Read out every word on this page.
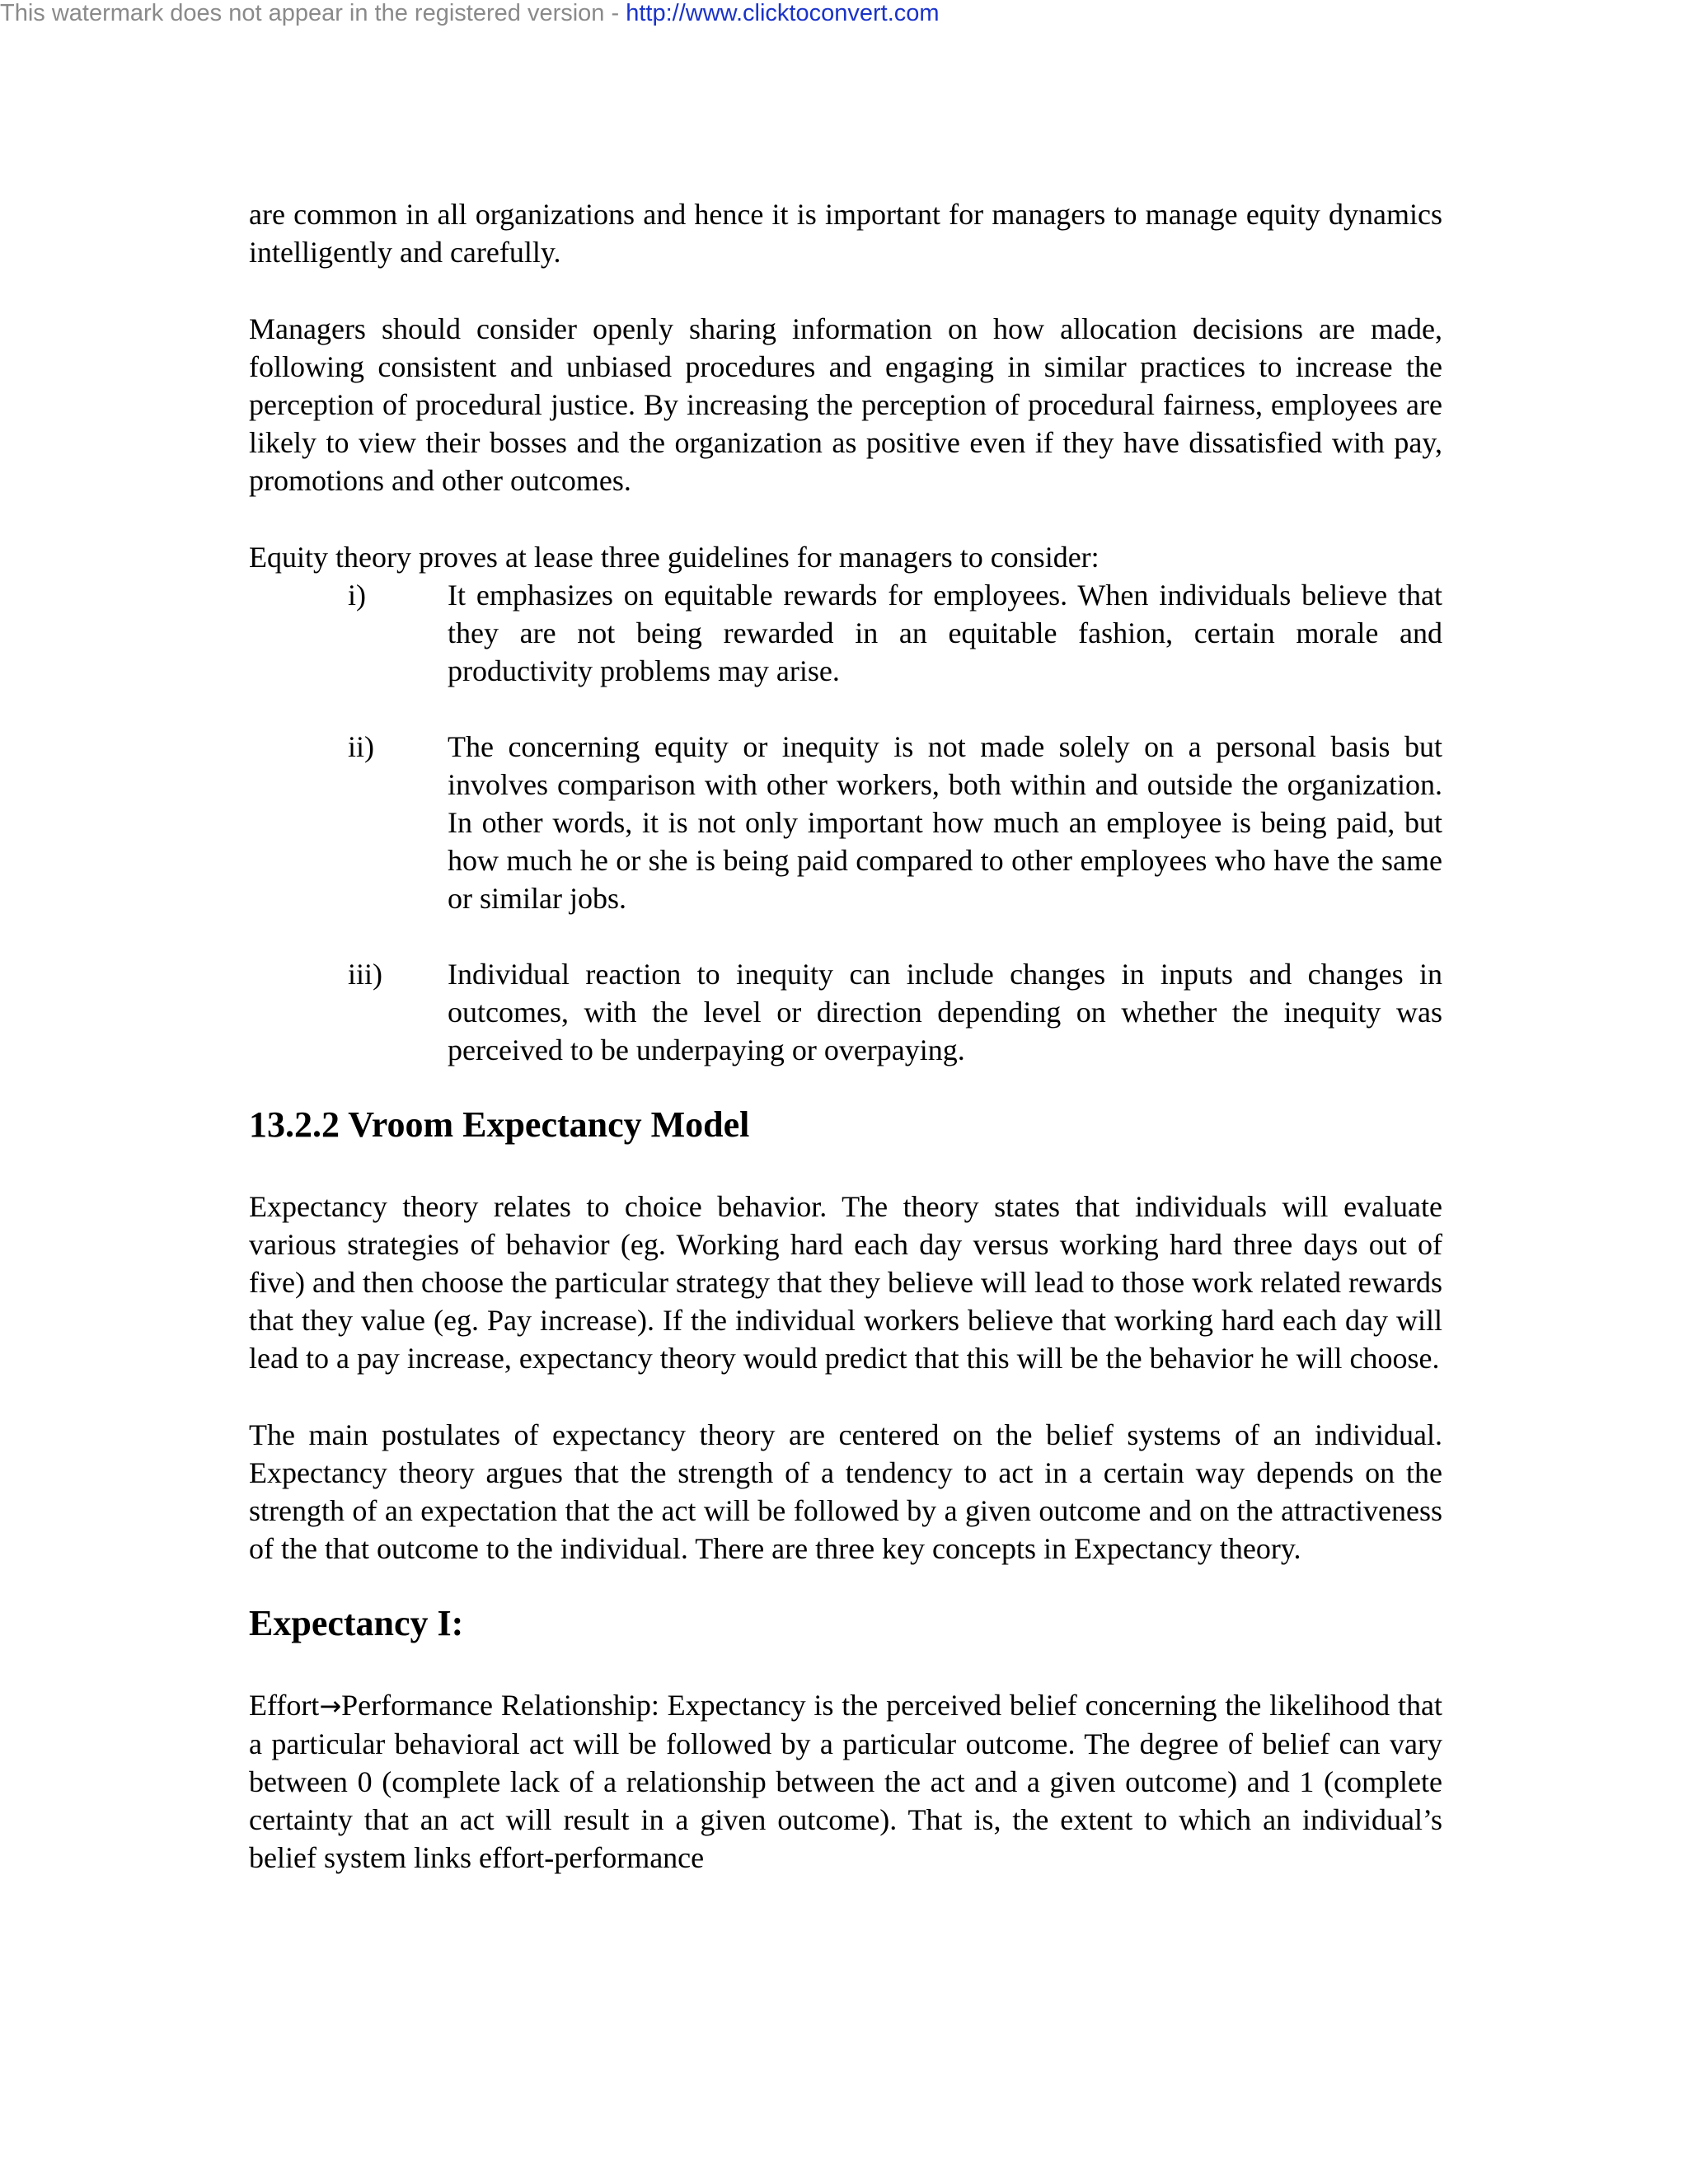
This watermark does not appear in the registered version - http://www.clicktoconvert.com

are common in all organizations and hence it is important for managers to manage equity dynamics intelligently and carefully.

Managers should consider openly sharing information on how allocation decisions are made, following consistent and unbiased procedures and engaging in similar practices to increase the perception of procedural justice. By increasing the perception of procedural fairness, employees are likely to view their bosses and the organization as positive even if they have dissatisfied with pay, promotions and other outcomes.

Equity theory proves at lease three guidelines for managers to consider:

i)	It emphasizes on equitable rewards for employees. When individuals believe that they are not being rewarded in an equitable fashion, certain morale and productivity problems may arise.
ii)	The concerning equity or inequity is not made solely on a personal basis but involves comparison with other workers, both within and outside the organization. In other words, it is not only important how much an employee is being paid, but how much he or she is being paid compared to other employees who have the same or similar jobs.
iii)	Individual reaction to inequity can include changes in inputs and changes in outcomes, with the level or direction depending on whether the inequity was perceived to be underpaying or overpaying.
13.2.2 Vroom Expectancy Model

Expectancy theory relates to choice behavior. The theory states that individuals will evaluate various strategies of behavior (eg. Working hard each day versus working hard three days out of five) and then choose the particular strategy that they believe will lead to those work related rewards that they value (eg. Pay increase). If the individual workers believe that working hard each day will lead to a pay increase, expectancy theory would predict that this will be the behavior he will choose.

The main postulates of expectancy theory are centered on the belief systems of an individual. Expectancy theory argues that the strength of a tendency to act in a certain way depends on the strength of an expectation that the act will be followed by a given outcome and on the attractiveness of the that outcome to the individual. There are three key concepts in Expectancy theory.

Expectancy I:

Effort→Performance Relationship: Expectancy is the perceived belief concerning the likelihood that a particular behavioral act will be followed by a particular outcome. The degree of belief can vary between 0 (complete lack of a relationship between the act and a given outcome) and 1 (complete certainty that an act will result in a given outcome). That is, the extent to which an individual’s belief system links effort-performance
